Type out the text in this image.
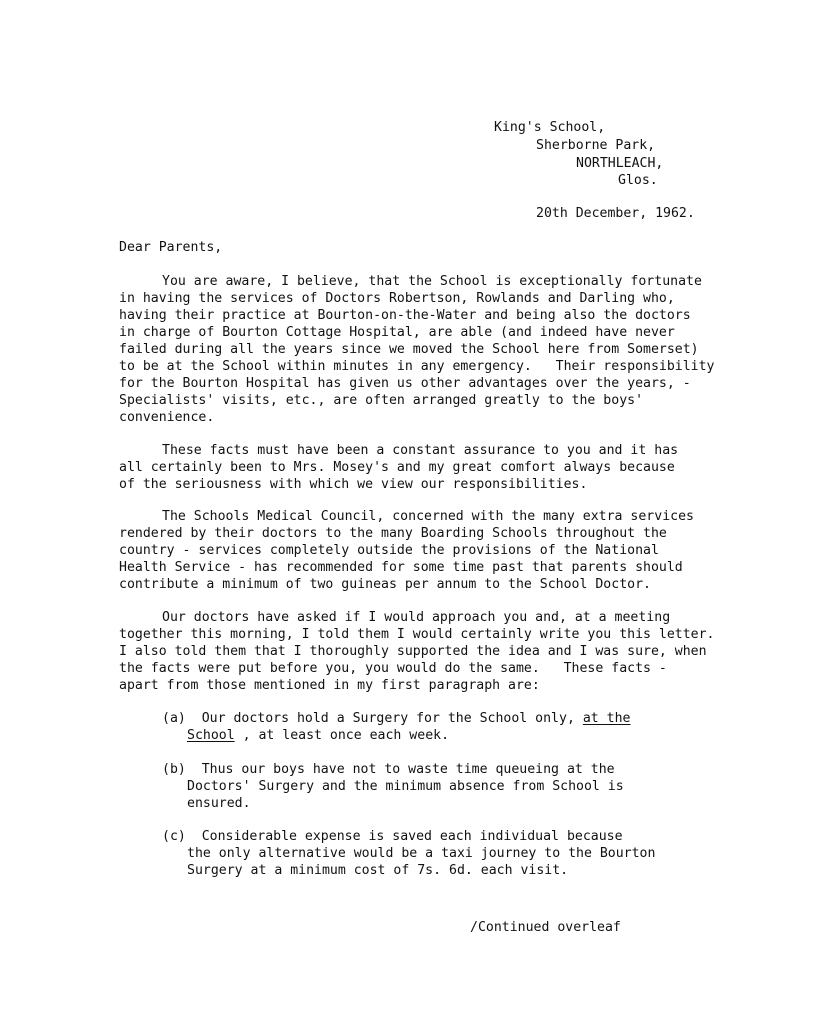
King's School,
Sherborne Park,
NORTHLEACH,
Glos.
20th December, 1962.
Dear Parents,
You are aware, I believe, that the School is exceptionally fortunate
in having the services of Doctors Robertson, Rowlands and Darling who,
having their practice at Bourton-on-the-Water and being also the doctors
in charge of Bourton Cottage Hospital, are able (and indeed have never
failed during all the years since we moved the School here from Somerset)
to be at the School within minutes in any emergency.   Their responsibility
for the Bourton Hospital has given us other advantages over the years, -
Specialists' visits, etc., are often arranged greatly to the boys'
convenience.
These facts must have been a constant assurance to you and it has
all certainly been to Mrs. Mosey's and my great comfort always because
of the seriousness with which we view our responsibilities.
The Schools Medical Council, concerned with the many extra services
rendered by their doctors to the many Boarding Schools throughout the
country - services completely outside the provisions of the National
Health Service - has recommended for some time past that parents should
contribute a minimum of two guineas per annum to the School Doctor.
Our doctors have asked if I would approach you and, at a meeting
together this morning, I told them I would certainly write you this letter.
I also told them that I thoroughly supported the idea and I was sure, when
the facts were put before you, you would do the same.   These facts -
apart from those mentioned in my first paragraph are:
(a) Our doctors hold a Surgery for the School only, at the
School , at least once each week.
(b) Thus our boys have not to waste time queueing at the
Doctors' Surgery and the minimum absence from School is
ensured.
(c) Considerable expense is saved each individual because
the only alternative would be a taxi journey to the Bourton
Surgery at a minimum cost of 7s. 6d. each visit.
/Continued overleaf
